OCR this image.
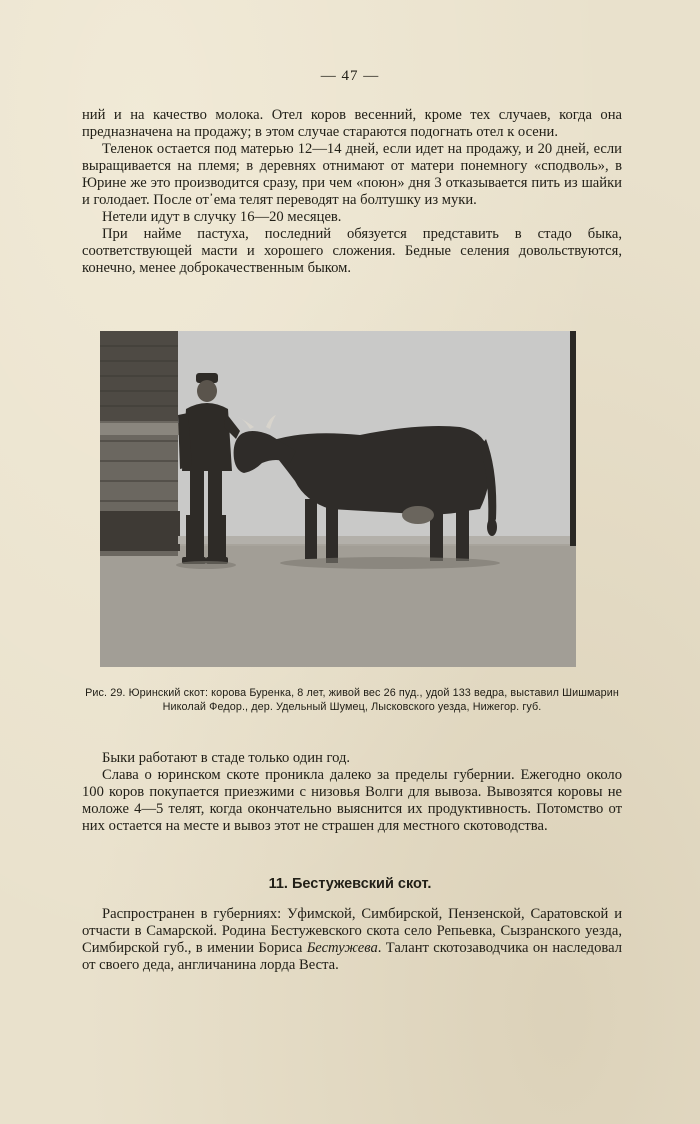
— 47 —

ний и на качество молока. Отел коров весенний, кроме тех случаев, когда она предназначена на продажу; в этом случае стараются подогнать отел к осени.

Теленок остается под матерью 12—14 дней, если идет на продажу, и 20 дней, если выращивается на племя; в деревнях отнимают от матери понемногу «сподволь», в Юрине же это производится сразу, при чем «поюн» дня 3 отказывается пить из шайки и голодает. После от᾽ема телят переводят на болтушку из муки.

Нетели идут в случку 16—20 месяцев.

При найме пастуха, последний обязуется представить в стадо быка, соответствующей масти и хорошего сложения. Бедные селения довольствуются, конечно, менее доброкачественным быком.

Рис. 29. Юринский скот: корова Буренка, 8 лет, живой вес 26 пуд., удой 133 ведра, выставил Шишмарин Николай Федор., дер. Удельный Шумец, Лысковского уезда, Нижегор. губ.

Быки работают в стаде только один год.

Слава о юринском скоте проникла далеко за пределы губернии. Ежегодно около 100 коров покупается приезжими с низовья Волги для вывоза. Вывозятся коровы не моложе 4—5 телят, когда окончательно выяснится их продуктивность. Потомство от них остается на месте и вывоз этот не страшен для местного скотоводства.

11. Бестужевский скот.

Распространен в губерниях: Уфимской, Симбирской, Пензенской, Саратовской и отчасти в Самарской. Родина Бестужевского скота село Репьевка, Сызранского уезда, Симбирской губ., в имении Бориса Бестужева. Талант скотозаводчика он наследовал от своего деда, англичанина лорда Веста.
